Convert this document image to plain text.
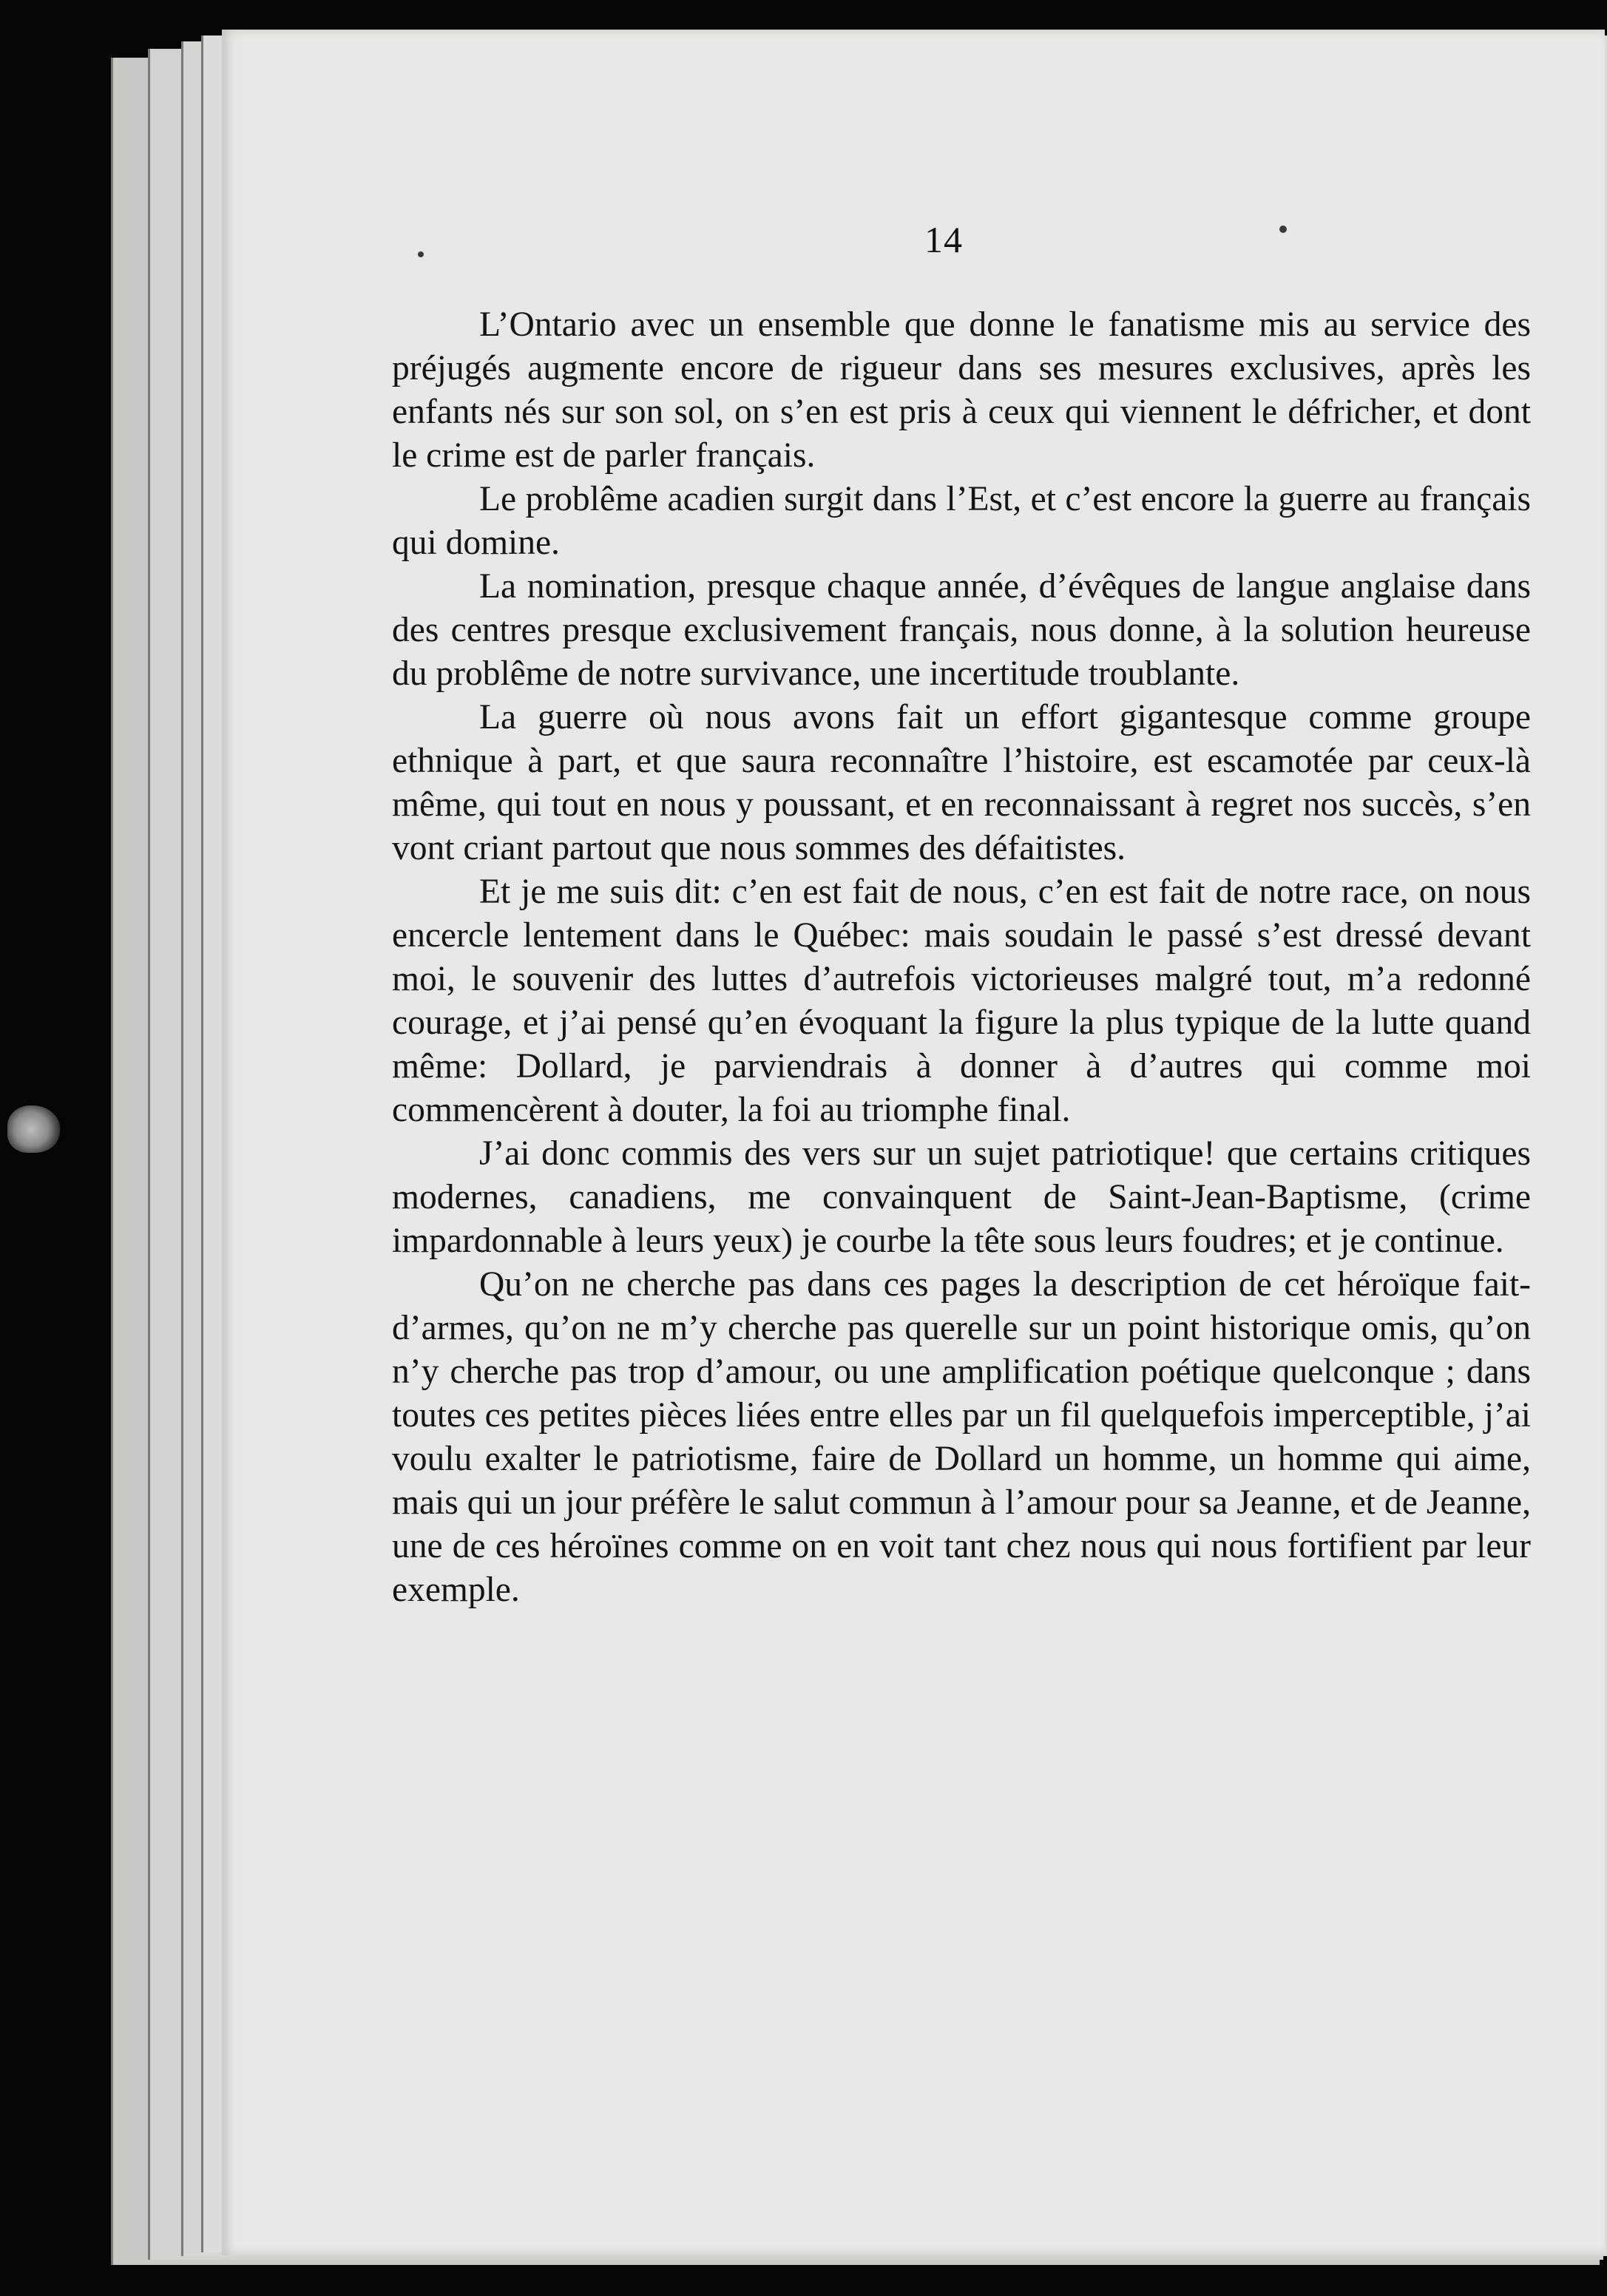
14

L’Ontario avec un ensemble que donne le fanatisme mis au service des préjugés augmente encore de rigueur dans ses mesures exclusives, après les enfants nés sur son sol, on s’en est pris à ceux qui viennent le défricher, et dont le crime est de parler français.

Le problême acadien surgit dans l’Est, et c’est encore la guerre au français qui domine.

La nomination, presque chaque année, d’évêques de langue anglaise dans des centres presque exclusivement français, nous donne, à la solution heureuse du problême de notre survivance, une incertitude troublante.

La guerre où nous avons fait un effort gigantesque comme groupe ethnique à part, et que saura reconnaître l’histoire, est escamotée par ceux-là même, qui tout en nous y poussant, et en reconnaissant à regret nos succès, s’en vont criant partout que nous sommes des défaitistes.

Et je me suis dit: c’en est fait de nous, c’en est fait de notre race, on nous encercle lentement dans le Québec: mais soudain le passé s’est dressé devant moi, le souvenir des luttes d’autrefois victorieuses malgré tout, m’a redonné courage, et j’ai pensé qu’en évoquant la figure la plus typique de la lutte quand même: Dollard, je parviendrais à donner à d’autres qui comme moi commencèrent à douter, la foi au triomphe final.

J’ai donc commis des vers sur un sujet patriotique! que certains critiques modernes, canadiens, me convainquent de Saint-Jean-Baptisme, (crime impardonnable à leurs yeux) je courbe la tête sous leurs foudres; et je continue.

Qu’on ne cherche pas dans ces pages la description de cet héroïque fait-d’armes, qu’on ne m’y cherche pas querelle sur un point historique omis, qu’on n’y cherche pas trop d’amour, ou une amplification poétique quelconque ; dans toutes ces petites pièces liées entre elles par un fil quelquefois imperceptible, j’ai voulu exalter le patriotisme, faire de Dollard un homme, un homme qui aime, mais qui un jour préfère le salut commun à l’amour pour sa Jeanne, et de Jeanne, une de ces héroïnes comme on en voit tant chez nous qui nous fortifient par leur exemple.
